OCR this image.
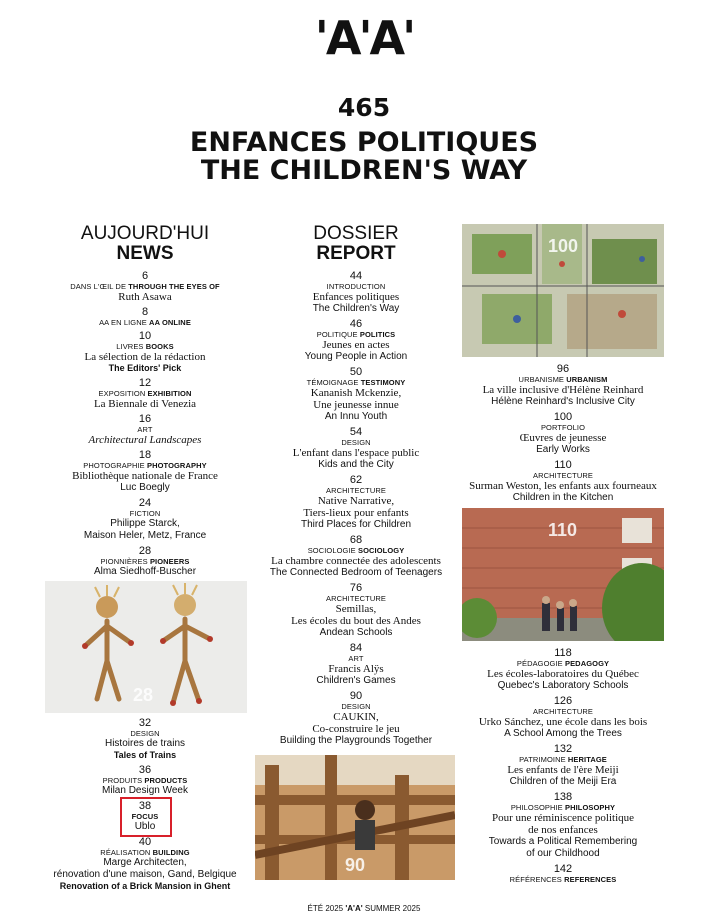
'A'A'
465
ENFANCES POLITIQUES
THE CHILDREN'S WAY
AUJOURD'HUI
NEWS
6
DANS L'ŒIL DE THROUGH THE EYES OF
Ruth Asawa
8
AA EN LIGNE AA ONLINE
10
LIVRES BOOKS
La sélection de la rédaction
The Editors' Pick
12
EXPOSITION EXHIBITION
La Biennale di Venezia
16
ART
Architectural Landscapes
18
PHOTOGRAPHIE PHOTOGRAPHY
Bibliothèque nationale de France
Luc Boegly
24
FICTION
Philippe Starck,
Maison Heler, Metz, France
28
PIONNIÈRES PIONEERS
Alma Siedhoff-Buscher
28
32
DESIGN
Histoires de trains
Tales of Trains
36
PRODUITS PRODUCTS
Milan Design Week
38
FOCUS
Ublo
40
RÉALISATION BUILDING
Marge Architecten,
rénovation d'une maison, Gand, Belgique
Renovation of a Brick Mansion in Ghent
DOSSIER
REPORT
44
INTRODUCTION
Enfances politiques
The Children's Way
46
POLITIQUE POLITICS
Jeunes en actes
Young People in Action
50
TÉMOIGNAGE TESTIMONY
Kananish Mckenzie,
Une jeunesse innue
An Innu Youth
54
DESIGN
L'enfant dans l'espace public
Kids and the City
62
ARCHITECTURE
Native Narrative,
Tiers-lieux pour enfants
Third Places for Children
68
SOCIOLOGIE SOCIOLOGY
La chambre connectée des adolescents
The Connected Bedroom of Teenagers
76
ARCHITECTURE
Semillas,
Les écoles du bout des Andes
Andean Schools
84
ART
Francis Alÿs
Children's Games
90
DESIGN
CAUKIN,
Co-construire le jeu
Building the Playgrounds Together
90
100
96
URBANISME URBANISM
La ville inclusive d'Hélène Reinhard
Hélène Reinhard's Inclusive City
100
PORTFOLIO
Œuvres de jeunesse
Early Works
110
ARCHITECTURE
Surman Weston, les enfants aux fourneaux
Children in the Kitchen
110
118
PÉDAGOGIE PEDAGOGY
Les écoles-laboratoires du Québec
Quebec's Laboratory Schools
126
ARCHITECTURE
Urko Sánchez, une école dans les bois
A School Among the Trees
132
PATRIMOINE HERITAGE
Les enfants de l'ère Meiji
Children of the Meiji Era
138
PHILOSOPHIE PHILOSOPHY
Pour une réminiscence politique
de nos enfances
Towards a Political Remembering
of our Childhood
142
RÉFÉRENCES REFERENCES
ÉTÉ 2025 'A'A' SUMMER 2025
